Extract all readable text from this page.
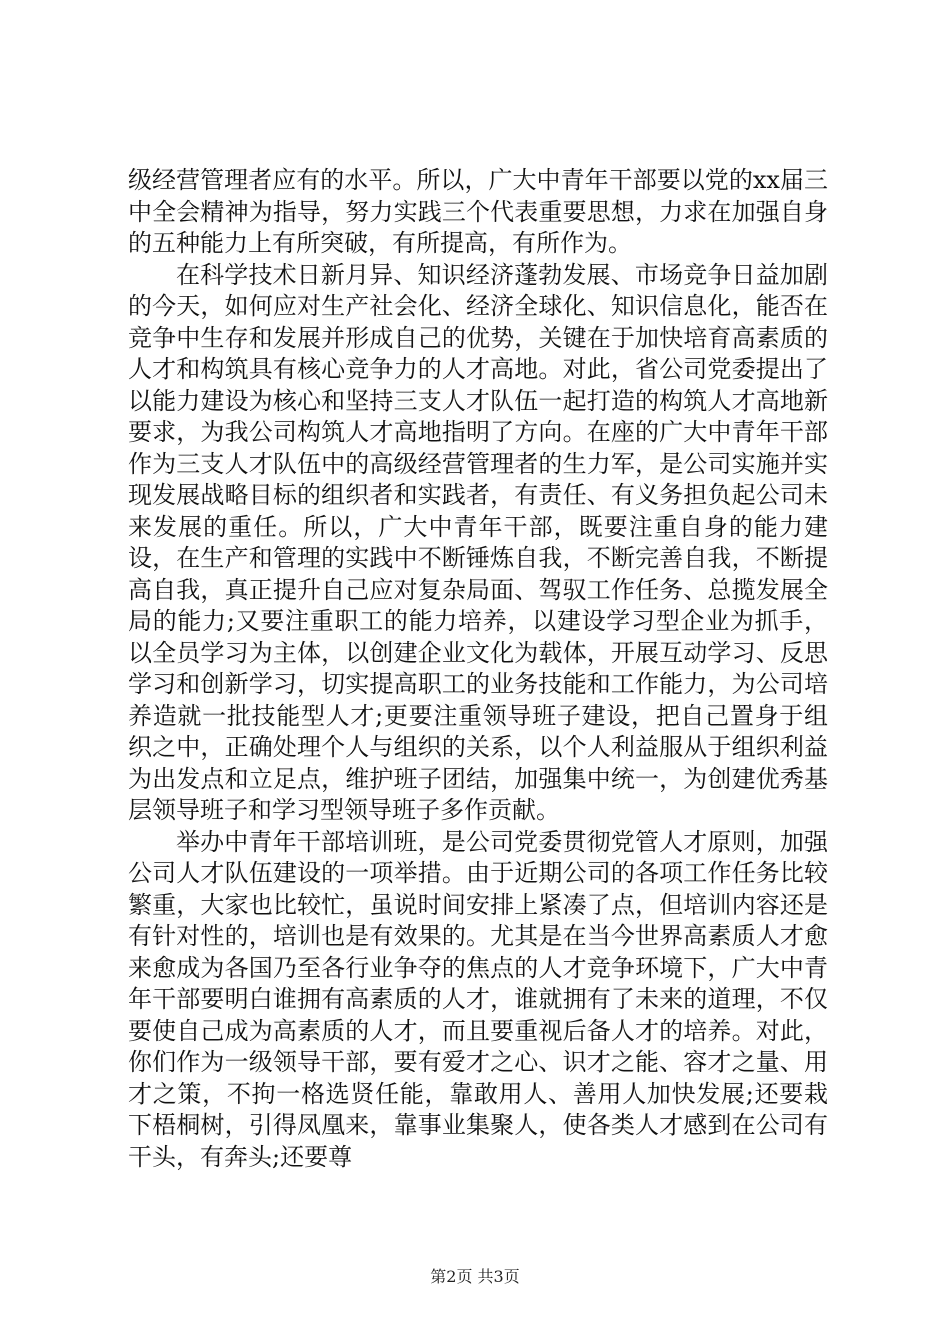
级经营管理者应有的水平。所以，广大中青年干部要以党的xx届三中全会精神为指导，努力实践三个代表重要思想，力求在加强自身的五种能力上有所突破，有所提高，有所作为。

在科学技术日新月异、知识经济蓬勃发展、市场竞争日益加剧的今天，如何应对生产社会化、经济全球化、知识信息化，能否在竞争中生存和发展并形成自己的优势，关键在于加快培育高素质的人才和构筑具有核心竞争力的人才高地。对此，省公司党委提出了以能力建设为核心和坚持三支人才队伍一起打造的构筑人才高地新要求，为我公司构筑人才高地指明了方向。在座的广大中青年干部作为三支人才队伍中的高级经营管理者的生力军，是公司实施并实现发展战略目标的组织者和实践者，有责任、有义务担负起公司未来发展的重任。所以，广大中青年干部，既要注重自身的能力建设，在生产和管理的实践中不断锤炼自我，不断完善自我，不断提高自我，真正提升自己应对复杂局面、驾驭工作任务、总揽发展全局的能力;又要注重职工的能力培养，以建设学习型企业为抓手，以全员学习为主体，以创建企业文化为载体，开展互动学习、反思学习和创新学习，切实提高职工的业务技能和工作能力，为公司培养造就一批技能型人才;更要注重领导班子建设，把自己置身于组织之中，正确处理个人与组织的关系，以个人利益服从于组织利益为出发点和立足点，维护班子团结，加强集中统一，为创建优秀基层领导班子和学习型领导班子多作贡献。

举办中青年干部培训班，是公司党委贯彻党管人才原则，加强公司人才队伍建设的一项举措。由于近期公司的各项工作任务比较繁重，大家也比较忙，虽说时间安排上紧凑了点，但培训内容还是有针对性的，培训也是有效果的。尤其是在当今世界高素质人才愈来愈成为各国乃至各行业争夺的焦点的人才竞争环境下，广大中青年干部要明白谁拥有高素质的人才，谁就拥有了未来的道理，不仅要使自己成为高素质的人才，而且要重视后备人才的培养。对此，你们作为一级领导干部，要有爱才之心、识才之能、容才之量、用才之策，不拘一格选贤任能，靠敢用人、善用人加快发展;还要栽下梧桐树，引得凤凰来，靠事业集聚人，使各类人才感到在公司有干头，有奔头;还要尊

第2页 共3页
